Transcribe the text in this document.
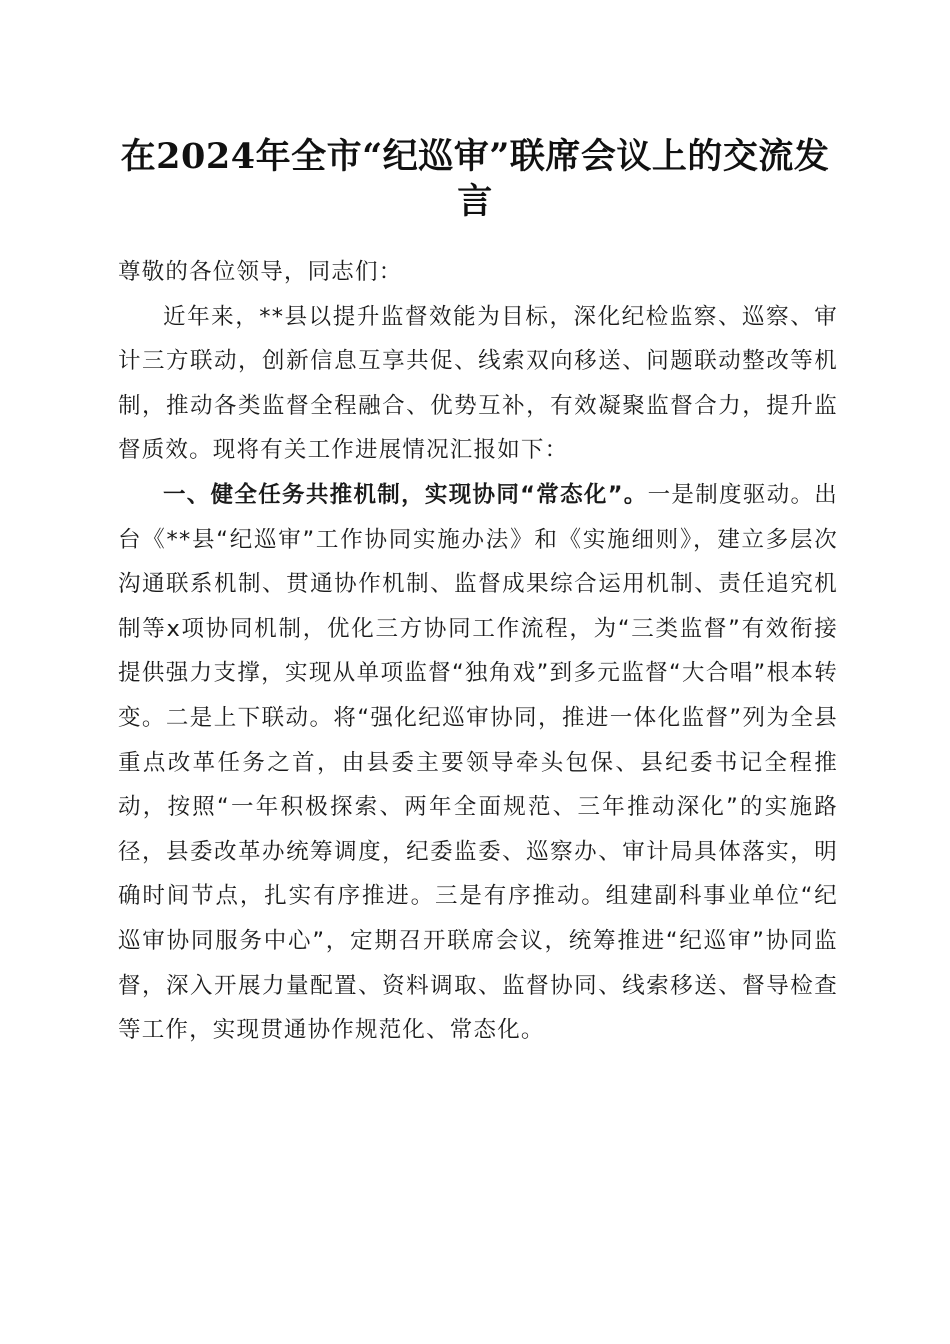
在2024年全市“纪巡审”联席会议上的交流发言

尊敬的各位领导，同志们：

近年来，**县以提升监督效能为目标，深化纪检监察、巡察、审计三方联动，创新信息互享共促、线索双向移送、问题联动整改等机制，推动各类监督全程融合、优势互补，有效凝聚监督合力，提升监督质效。现将有关工作进展情况汇报如下：

一、健全任务共推机制，实现协同“常态化”。一是制度驱动。出台《**县“纪巡审”工作协同实施办法》和《实施细则》，建立多层次沟通联系机制、贯通协作机制、监督成果综合运用机制、责任追究机制等x项协同机制，优化三方协同工作流程，为“三类监督”有效衔接提供强力支撑，实现从单项监督“独角戏”到多元监督“大合唱”根本转变。二是上下联动。将“强化纪巡审协同，推进一体化监督”列为全县重点改革任务之首，由县委主要领导牵头包保、县纪委书记全程推动，按照“一年积极探索、两年全面规范、三年推动深化”的实施路径，县委改革办统筹调度，纪委监委、巡察办、审计局具体落实，明确时间节点，扎实有序推进。三是有序推动。组建副科事业单位“纪巡审协同服务中心”，定期召开联席会议，统筹推进“纪巡审”协同监督，深入开展力量配置、资料调取、监督协同、线索移送、督导检查等工作，实现贯通协作规范化、常态化。
